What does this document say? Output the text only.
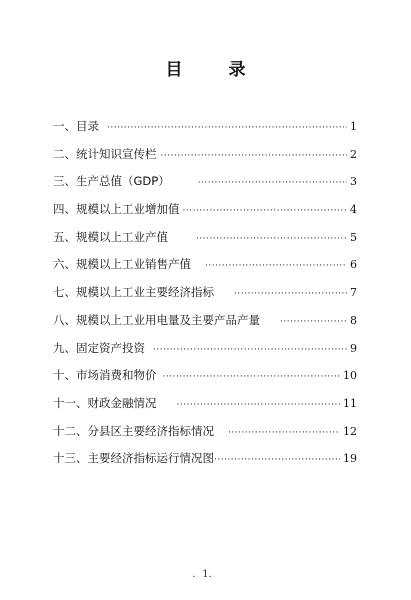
目 录
一、目录 ·····	1
二、统计知识宣传栏 ·····	2
三、生产总值（GDP） ·····	3
四、规模以上工业增加值 ·····	4
五、规模以上工业产值 ·····	5
六、规模以上工业销售产值 ·····	6
七、规模以上工业主要经济指标 ·····	7
八、规模以上工业用电量及主要产品产量 ·····	8
九、固定资产投资 ·····	9
十、市场消费和物价 ·····	10
十一、财政金融情况 ·····	11
十二、分县区主要经济指标情况 ·····	12
十三、主要经济指标运行情况图 ·····	19
．1．
